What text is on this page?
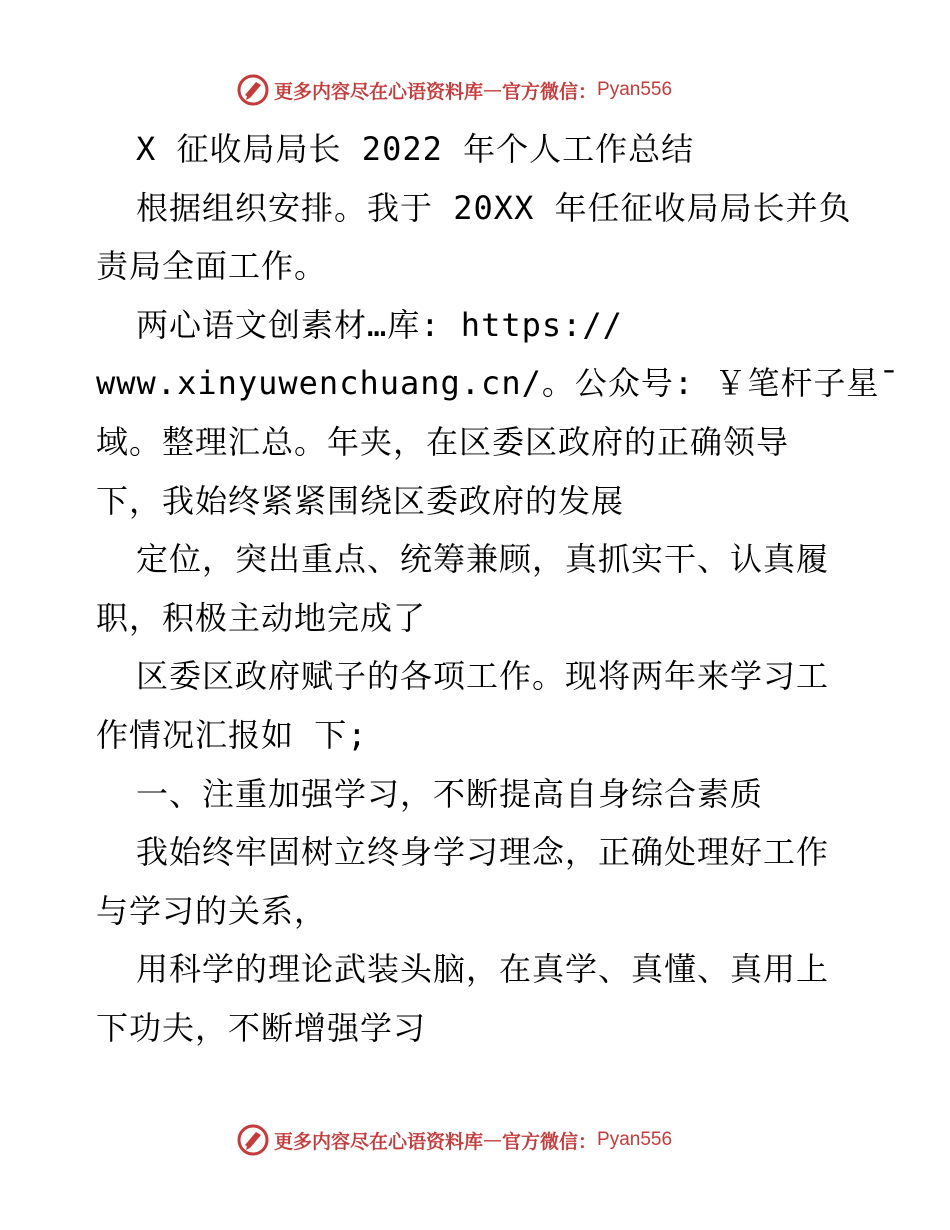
更多内容尽在心语资料库 — 官方微信： Pyan556
X 征收局局长 2022 年个人工作总结
根据组织安排。我于 20XX 年任征收局局长并负
责局全面工作。
两心语文创素材…库: https://
www.xinyuwenchuang.cn/。公众号: ￥笔杆子星¯
域。整理汇总。年夹，在区委区政府的正确领导
下，我始终紧紧围绕区委政府的发展
定位，突出重点、统筹兼顾，真抓实干、认真履
职，积极主动地完成了
区委区政府赋子的各项工作。现将两年来学习工
作情况汇报如 下;
一、注重加强学习，不断提高自身综合素质
我始终牢固树立终身学习理念，正确处理好工作
与学习的关系，
用科学的理论武装头脑，在真学、真懂、真用上
下功夫，不断增强学习
更多内容尽在心语资料库 — 官方微信： Pyan556
